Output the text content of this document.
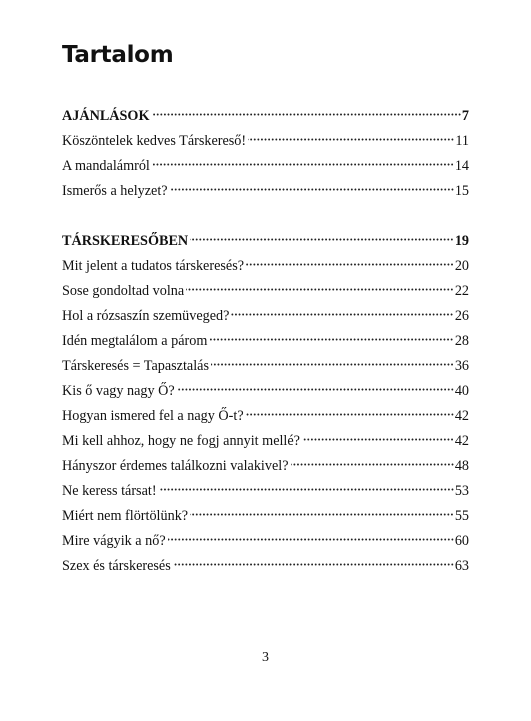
Tartalom
AJÁNLÁSOK	7
Köszöntelek kedves Társkereső!	11
A mandalámról	14
Ismerős a helyzet?	15
TÁRSKERESŐBEN	19
Mit jelent a tudatos társkeresés?	20
Sose gondoltad volna	22
Hol a rózsaszín szemüveged?	26
Idén megtalálom a párom	28
Társkeresés = Tapasztalás	36
Kis ő vagy nagy Ő?	40
Hogyan ismered fel a nagy Ő-t?	42
Mi kell ahhoz, hogy ne fogj annyit mellé?	42
Hányszor érdemes találkozni valakivel?	48
Ne keress társat!	53
Miért nem flörtölünk?	55
Mire vágyik a nő?	60
Szex és társkeresés	63
3
